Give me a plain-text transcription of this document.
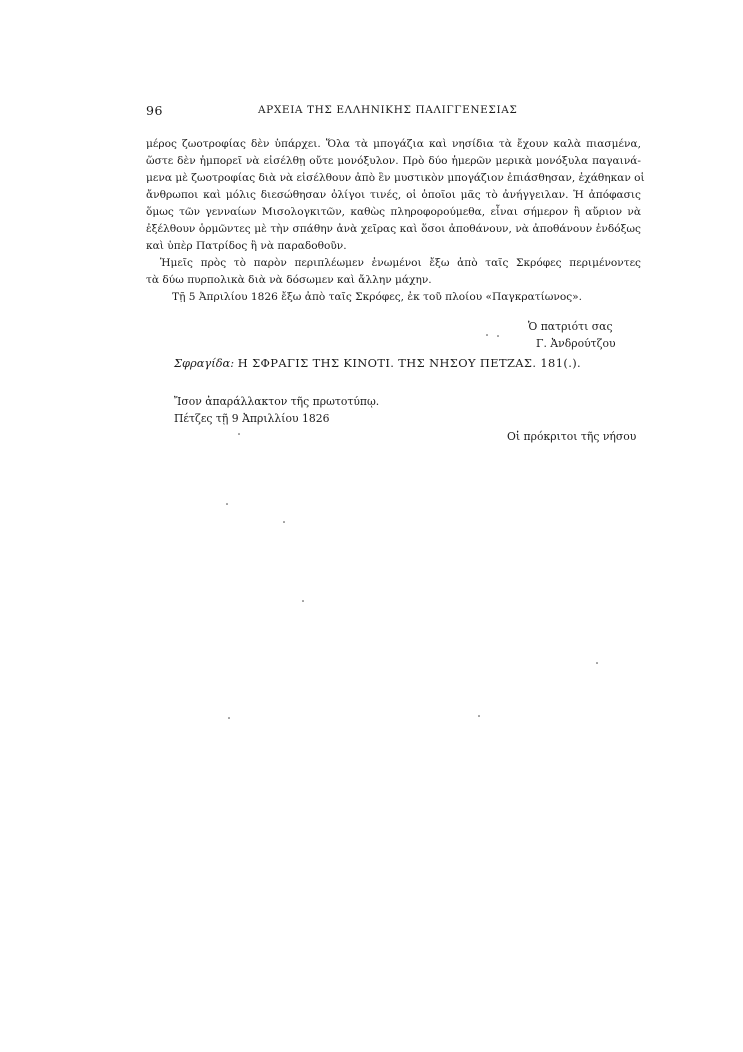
96	ΑΡΧΕΙΑ ΤΗΣ ΕΛΛΗΝΙΚΗΣ ΠΑΛΙΓΓΕΝΕΣΙΑΣ
μέρος ζωοτροφίας δὲν ὑπάρχει. Ὅλα τὰ μπογάζια καὶ νησίδια τὰ ἔχουν καλὰ πιασμένα,
ὥστε δὲν ἠμπορεῖ νὰ εἰσέλθῃ οὔτε μονόξυλον. Πρὸ δύο ἡμερῶν μερικὰ μονόξυλα παγαινά-
μενα μὲ ζωοτροφίας διὰ νὰ εἰσέλθουν ἀπὸ ἓν μυστικὸν μπογάζιον ἐπιάσθησαν, ἐχάθηκαν οἱ
ἄνθρωποι καὶ μόλις διεσώθησαν ὀλίγοι τινές, οἱ ὁποῖοι μᾶς τὸ ἀνήγγειλαν. Ἡ ἀπόφασις
ὅμως τῶν γενναίων Μισολογκιτῶν, καθὼς πληροφορούμεθα, εἶναι σήμερον ἢ αὔριον νὰ
ἐξέλθουν ὁρμῶντες μὲ τὴν σπάθην ἀνὰ χεῖρας καὶ ὅσοι ἀποθάνουν, νὰ ἀποθάνουν ἐνδόξως
καὶ ὑπὲρ Πατρίδος ἢ νὰ παραδοθοῦν.
Ἡμεῖς πρὸς τὸ παρὸν περιπλέωμεν ἑνωμένοι ἔξω ἀπὸ ταῖς Σκρόφες περιμένοντες
τὰ δύω πυρπολικὰ διὰ νὰ δόσωμεν καὶ ἄλλην μάχην.
Τῇ 5 Ἀπριλίου 1826 ἔξω ἀπὸ ταῖς Σκρόφες, ἐκ τοῦ πλοίου «Παγκρατίωνος».
Ὁ πατριότι σας
Γ. Ἀνδρούτζου
Σφραγίδα: Η ΣΦΡΑΓΙΣ ΤΗΣ ΚΙΝΟΤΙ. ΤΗΣ ΝΗΣΟΥ ΠΕΤΖΑΣ. 181(.).
Ἴσον ἀπαράλλακτον τῆς πρωτοτύπῳ.
Πέτζες τῇ 9 Ἀπριλλίου 1826
Οἱ πρόκριτοι τῆς νήσου
